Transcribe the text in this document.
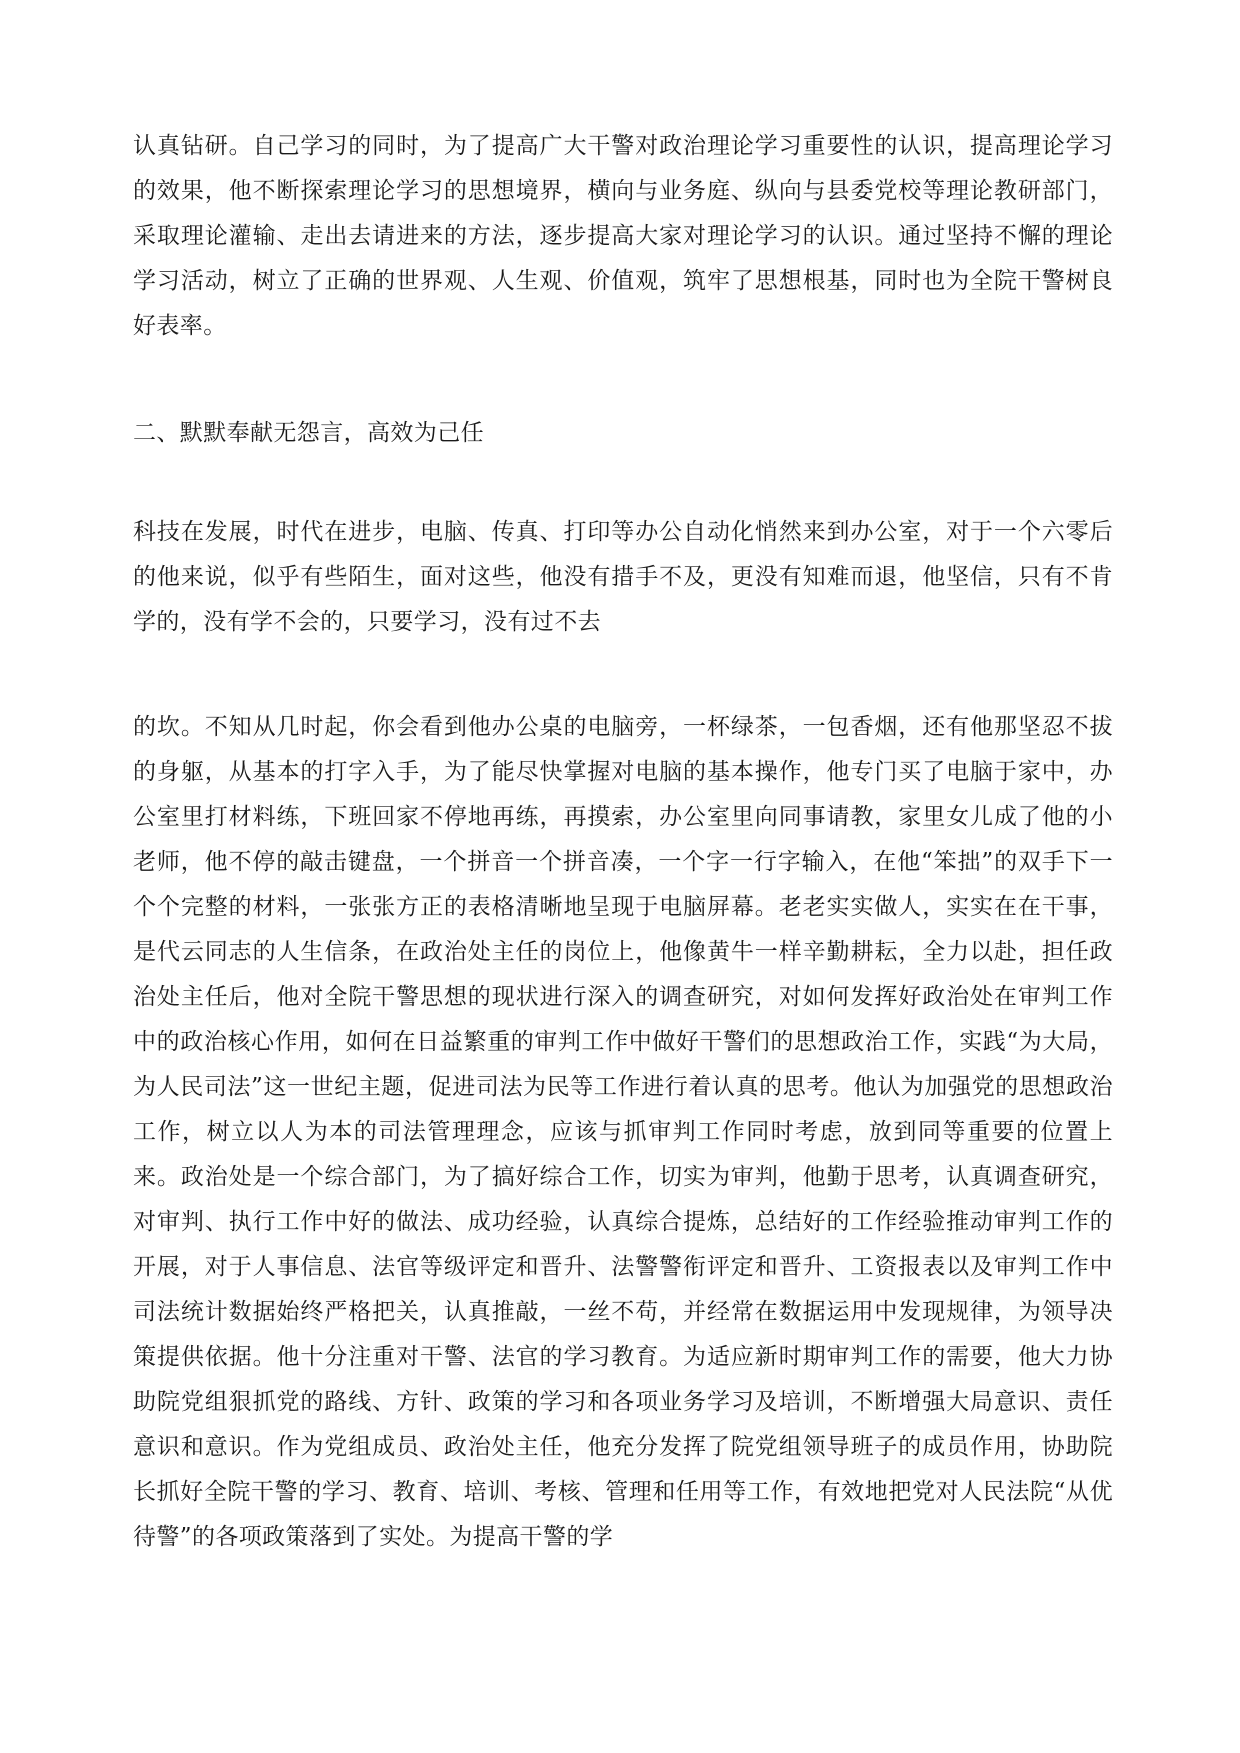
认真钻研。自己学习的同时，为了提高广大干警对政治理论学习重要性的认识，提高理论学习的效果，他不断探索理论学习的思想境界，横向与业务庭、纵向与县委党校等理论教研部门，采取理论灌输、走出去请进来的方法，逐步提高大家对理论学习的认识。通过坚持不懈的理论学习活动，树立了正确的世界观、人生观、价值观，筑牢了思想根基，同时也为全院干警树良好表率。

二、默默奉献无怨言，高效为己任

科技在发展，时代在进步，电脑、传真、打印等办公自动化悄然来到办公室，对于一个六零后的他来说，似乎有些陌生，面对这些，他没有措手不及，更没有知难而退，他坚信，只有不肯学的，没有学不会的，只要学习，没有过不去

的坎。不知从几时起，你会看到他办公桌的电脑旁，一杯绿茶，一包香烟，还有他那坚忍不拔的身躯，从基本的打字入手，为了能尽快掌握对电脑的基本操作，他专门买了电脑于家中，办公室里打材料练，下班回家不停地再练，再摸索，办公室里向同事请教，家里女儿成了他的小老师，他不停的敲击键盘，一个拼音一个拼音凑，一个字一行字输入，在他“笨拙”的双手下一个个完整的材料，一张张方正的表格清晰地呈现于电脑屏幕。老老实实做人，实实在在干事，是代云同志的人生信条，在政治处主任的岗位上，他像黄牛一样辛勤耕耘，全力以赴，担任政治处主任后，他对全院干警思想的现状进行深入的调查研究，对如何发挥好政治处在审判工作中的政治核心作用，如何在日益繁重的审判工作中做好干警们的思想政治工作，实践“为大局，为人民司法”这一世纪主题，促进司法为民等工作进行着认真的思考。他认为加强党的思想政治工作，树立以人为本的司法管理理念，应该与抓审判工作同时考虑，放到同等重要的位置上来。政治处是一个综合部门，为了搞好综合工作，切实为审判，他勤于思考，认真调查研究，对审判、执行工作中好的做法、成功经验，认真综合提炼，总结好的工作经验推动审判工作的开展，对于人事信息、法官等级评定和晋升、法警警衔评定和晋升、工资报表以及审判工作中司法统计数据始终严格把关，认真推敲，一丝不苟，并经常在数据运用中发现规律，为领导决策提供依据。他十分注重对干警、法官的学习教育。为适应新时期审判工作的需要，他大力协助院党组狠抓党的路线、方针、政策的学习和各项业务学习及培训，不断增强大局意识、责任意识和意识。作为党组成员、政治处主任，他充分发挥了院党组领导班子的成员作用，协助院长抓好全院干警的学习、教育、培训、考核、管理和任用等工作，有效地把党对人民法院“从优待警”的各项政策落到了实处。为提高干警的学
